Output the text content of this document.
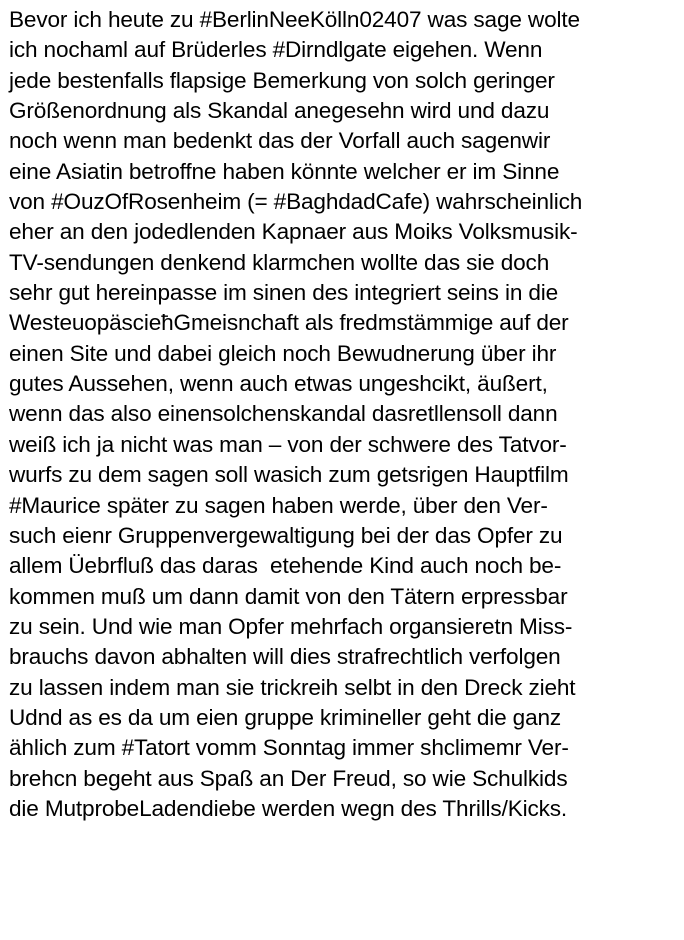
Bevor ich heute zu #BerlinNeeKölln02407 was sage wolte
ich nochaml auf Brüderles #Dirndlgate eigehen. Wenn
jede bestenfalls flapsige Bemerkung von solch geringer
Größenordnung als Skandal anegesehn wird und dazu
noch wenn man bedenkt das der Vorfall auch sagenwir
eine Asiatin betroffne haben könnte welcher er im Sinne
von #OuzOfRosenheim (= #BaghdadCafe) wahrscheinlich
eher an den jodedlenden Kapnaer aus Moiks Volksmusik-
TV-sendungen denkend klarmchen wollte das sie doch
sehr gut hereinpasse im sinen des integriert seins in die
WesteuopäscieħGmeisnchaft als fredmstämmige auf der
einen Site und dabei gleich noch Bewudnerung über ihr
gutes Aussehen, wenn auch etwas ungeshcikt, äußert,
wenn das also einensolchenskandal dasretllensoll dann
weiß ich ja nicht was man – von der schwere des Tatvor-
wurfs zu dem sagen soll wasich zum getsrigen Hauptfilm
#Maurice später zu sagen haben werde, über den Ver-
such eienr Gruppenvergewaltigung bei der das Opfer zu
allem Üebrfluß das daras  etehende Kind auch noch be-
kommen muß um dann damit von den Tätern erpressbar
zu sein. Und wie man Opfer mehrfach organsieretn Miss-
brauchs davon abhalten will dies strafrechtlich verfolgen
zu lassen indem man sie trickreih selbt in den Dreck zieht
Udnd as es da um eien gruppe krimineller geht die ganz
ählich zum #Tatort vomm Sonntag immer shclimemr Ver-
brehcn begeht aus Spaß an Der Freud, so wie Schulkids
die MutprobeLadendiebe werden wegn des Thrills/Kicks.
